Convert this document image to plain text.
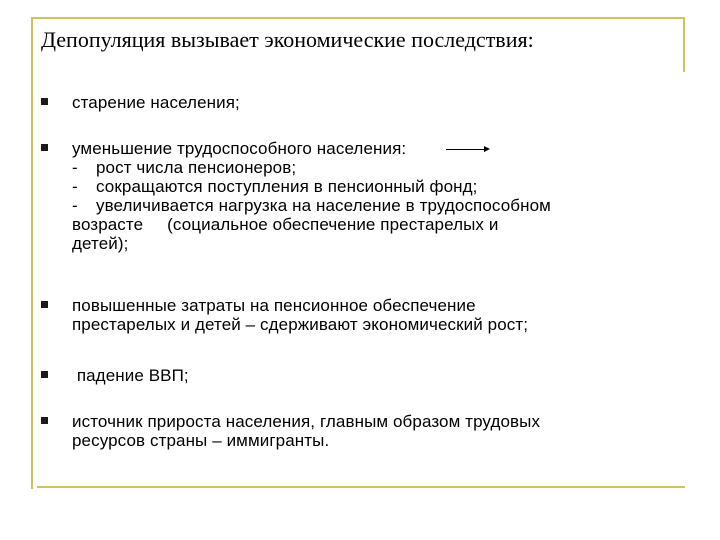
Депопуляция вызывает экономические последствия:
старение населения;
уменьшение трудоспособного населения:
- рост числа пенсионеров;
- сокращаются поступления в пенсионный фонд;
- увеличивается нагрузка на население в трудоспособном
возрасте (социальное обеспечение престарелых и
детей);
повышенные затраты на пенсионное обеспечение
престарелых и детей – сдерживают экономический рост;
падение ВВП;
источник прироста населения, главным образом трудовых
ресурсов страны – иммигранты.
